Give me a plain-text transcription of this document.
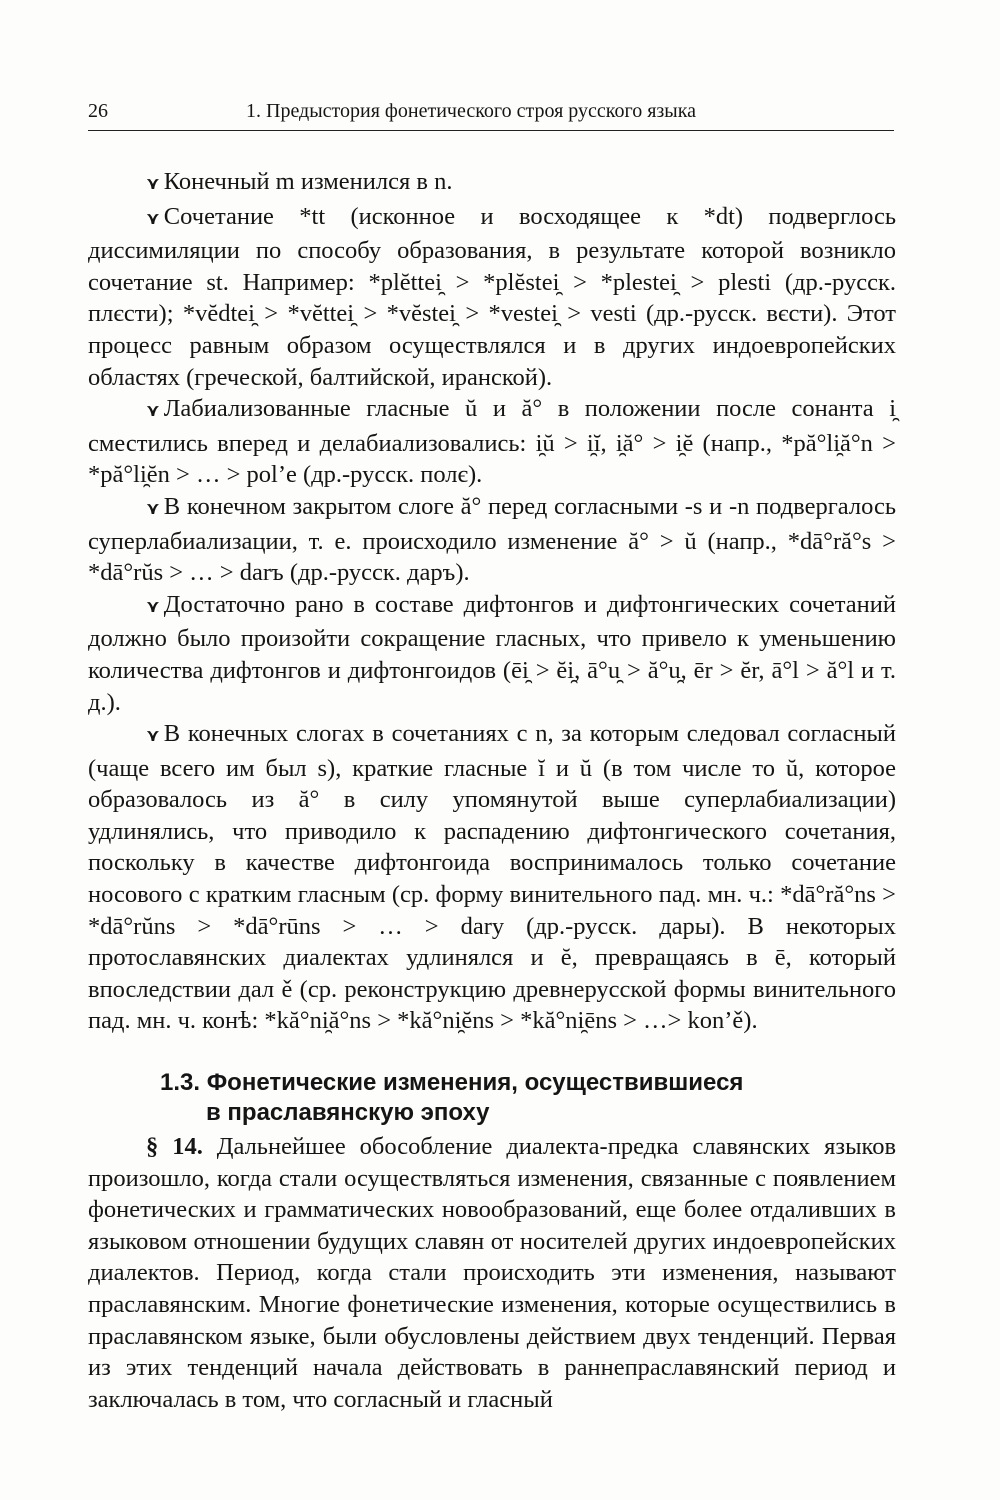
26	1. Предыстория фонетического строя русского языка

⋎ Конечный m изменился в n.

⋎ Сочетание *tt (исконное и восходящее к *dt) подверглось диссимиляции по способу образования, в результате которой возникло сочетание st. Например: *plĕttei̯ > *plĕstei̯ > *plestei̯ > plesti (др.-русск. плєсти); *vĕdtei̯ > *vĕttei̯ > *vĕstei̯ > *vestei̯ > vesti (др.-русск. вєсти). Этот процесс равным образом осуществлялся и в других индоевропейских областях (греческой, балтийской, иранской).

⋎ Лабиализованные гласные ŭ и ă° в положении после сонанта i̯ сместились вперед и делабиализовались: i̯ŭ > i̯ĭ, i̯ă° > i̯ĕ (напр., *pă°li̯ă°n > *pă°li̯ĕn > … > pol’e (др.-русск. полє).

⋎ В конечном закрытом слоге ă° перед согласными -s и -n подвергалось суперлабиализации, т. е. происходило изменение ă° > ŭ (напр., *dā°ră°s > *dā°rŭs > … > darъ (др.-русск. даръ).

⋎ Достаточно рано в составе дифтонгов и дифтонгических сочетаний должно было произойти сокращение гласных, что привело к уменьшению количества дифтонгов и дифтонгоидов (ēi̯ > ĕi̯, ā°u̯ > ă°u̯, ēr > ĕr, ā°l > ă°l и т. д.).

⋎ В конечных слогах в сочетаниях с n, за которым следовал согласный (чаще всего им был s), краткие гласные ĭ и ŭ (в том числе то ŭ, которое образовалось из ă° в силу упомянутой выше суперлабиализации) удлинялись, что приводило к распадению дифтонгического сочетания, поскольку в качестве дифтонгоида воспринималось только сочетание носового с кратким гласным (ср. форму винительного пад. мн. ч.: *dā°ră°ns > *dā°rŭns > *dā°rūns > … > dary (др.-русск. дары). В некоторых протославянских диалектах удлинялся и ĕ, превращаясь в ē, который впоследствии дал ě (ср. реконструкцию древнерусской формы винительного пад. мн. ч. конѣ: *kă°ni̯ă°ns > *kă°ni̯ĕns > *kă°ni̯ēns > …> kon’ě).

1.3. Фонетические изменения, осуществившиеся
в праславянскую эпоху

§ 14. Дальнейшее обособление диалекта-предка славянских языков произошло, когда стали осуществляться изменения, связанные с появлением фонетических и грамматических новообразований, еще более отдаливших в языковом отношении будущих славян от носителей других индоевропейских диалектов. Период, когда стали происходить эти изменения, называют праславянским. Многие фонетические изменения, которые осуществились в праславянском языке, были обусловлены действием двух тенденций. Первая из этих тенденций начала действовать в раннепраславянский период и заключалась в том, что согласный и гласный
